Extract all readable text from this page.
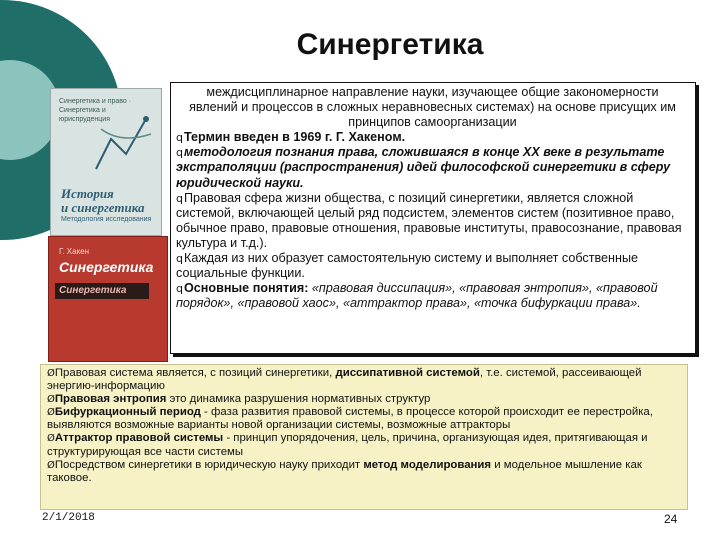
Синергетика
Синергетика и право · Синергетика и юриспруденция
История
и синергетика
Методология исследования
Г. Хакен
Синергетика
Синергетика

междисциплинарное направление науки, изучающее общие закономерности явлений и процессов в сложных неравновесных системах) на основе присущих им принципов самоорганизации

qТермин введен в 1969 г. Г. Хакеном.

qметодология познания права, сложившаяся в конце XX веке в результате экстраполяции (распространения) идей философской синергетики в сферу юридической науки.

qПравовая сфера жизни общества, с позиций синергетики, является сложной системой, включающей целый ряд подсистем, элементов систем (позитивное право, обычное право, правовые отношения, правовые институты, правосознание, правовая культура и т.д.).

qКаждая из них образует самостоятельную систему и выполняет собственные социальные функции.

qОсновные понятия: «правовая диссипация», «правовая энтропия», «правовой порядок», «правовой хаос», «аттрактор права», «точка бифуркации права».

ØПравовая система является, с позиций синергетики, диссипативной системой, т.е. системой, рассеивающей энергию-информацию

ØПравовая энтропия это динамика разрушения нормативных структур

ØБифуркационный период - фаза развития правовой системы, в процессе которой происходит ее перестройка, выявляются возможные варианты новой организации системы, возможные аттракторы

ØАттрактор правовой системы - принцип упорядочения, цель, причина, организующая идея, притягивающая и структурирующая все части системы

ØПосредством синергетики в юридическую науку приходит метод моделирования и модельное мышление как таковое.

2/1/2018	24
